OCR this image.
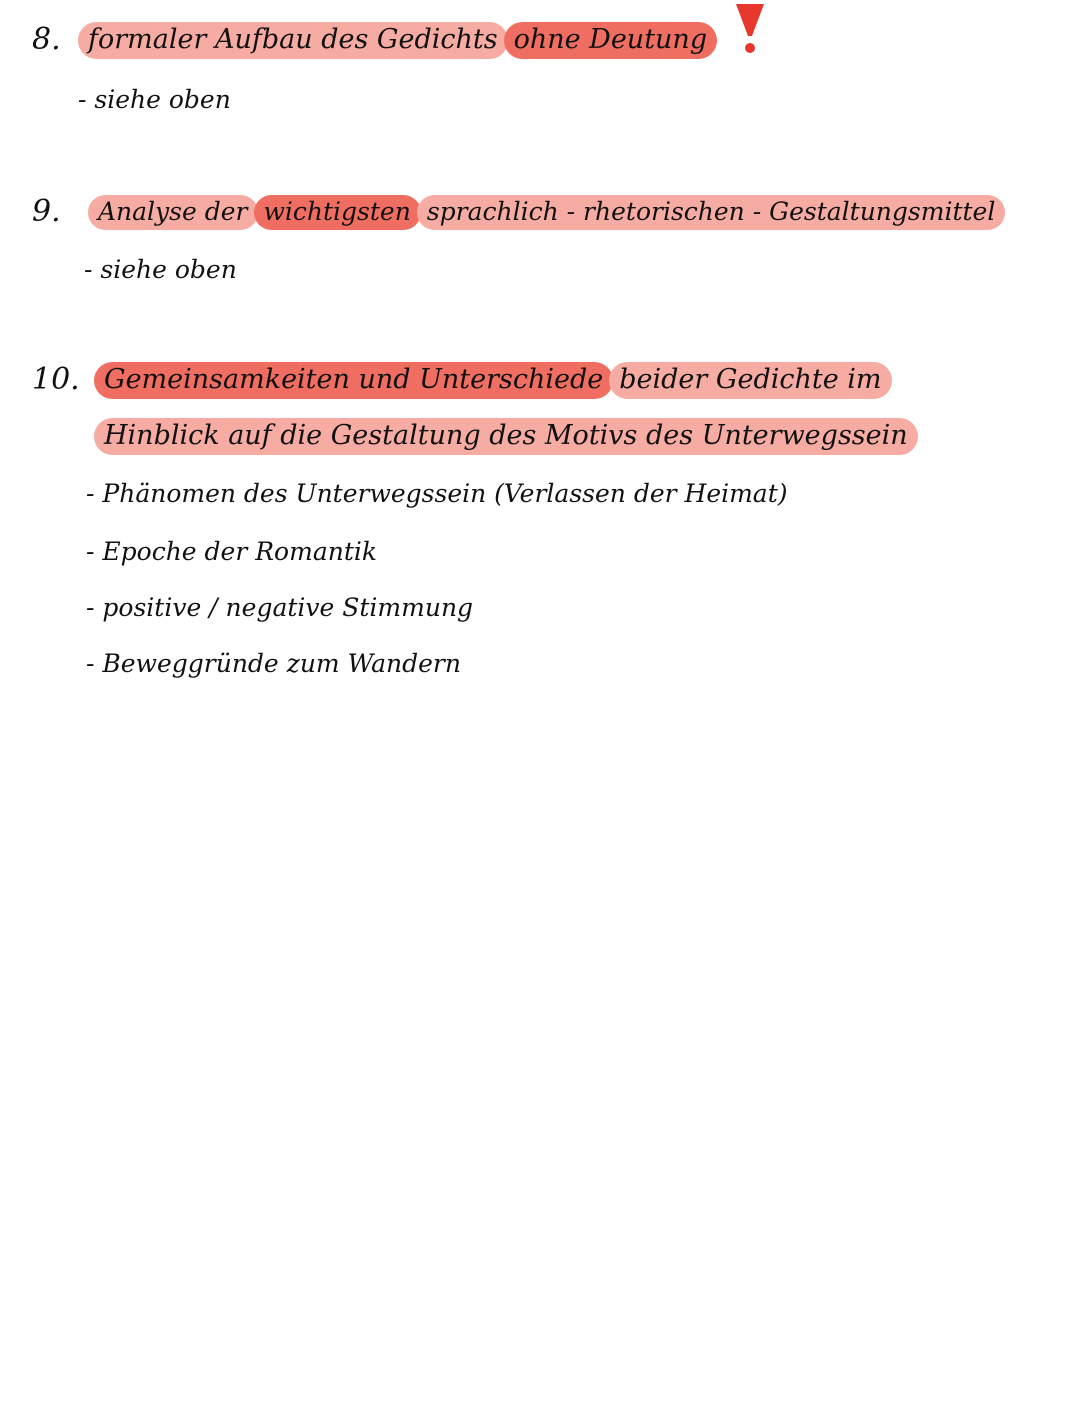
8. formaler Aufbau des Gedichts ohne Deutung
- siehe oben
9.	Analyse der wichtigsten sprachlich - rhetorischen - Gestaltungsmittel
- siehe oben
10. Gemeinsamkeiten und Unterschiede beider Gedichte im
Hinblick auf die Gestaltung des Motivs des Unterwegssein
- Phänomen des Unterwegssein (Verlassen der Heimat)
- Epoche der Romantik
- positive / negative Stimmung
- Beweggründe zum Wandern
